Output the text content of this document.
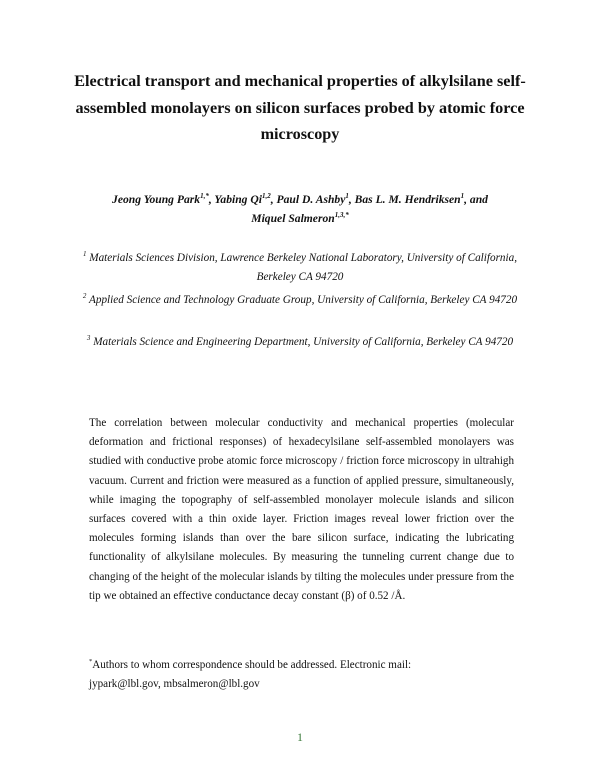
Electrical transport and mechanical properties of alkylsilane self-assembled monolayers on silicon surfaces probed by atomic force microscopy
Jeong Young Park$^{1,*}$, Yabing Qi$^{1,2}$, Paul D. Ashby$^1$, Bas L. M. Hendriksen$^1$, and
Miquel Salmeron$^{1,3,*}$
$^1$ Materials Sciences Division, Lawrence Berkeley National Laboratory, University of California, Berkeley CA 94720
$^2$ Applied Science and Technology Graduate Group, University of California, Berkeley CA 94720
$^3$ Materials Science and Engineering Department, University of California, Berkeley CA 94720

The correlation between molecular conductivity and mechanical properties (molecular deformation and frictional responses) of hexadecylsilane self-assembled monolayers was studied with conductive probe atomic force microscopy / friction force microscopy in ultrahigh vacuum. Current and friction were measured as a function of applied pressure, simultaneously, while imaging the topography of self-assembled monolayer molecule islands and silicon surfaces covered with a thin oxide layer. Friction images reveal lower friction over the molecules forming islands than over the bare silicon surface, indicating the lubricating functionality of alkylsilane molecules. By measuring the tunneling current change due to changing of the height of the molecular islands by tilting the molecules under pressure from the tip we obtained an effective conductance decay constant (β) of 0.52 /Å.

*Authors to whom correspondence should be addressed. Electronic mail:
jypark@lbl.gov, mbsalmeron@lbl.gov
1
